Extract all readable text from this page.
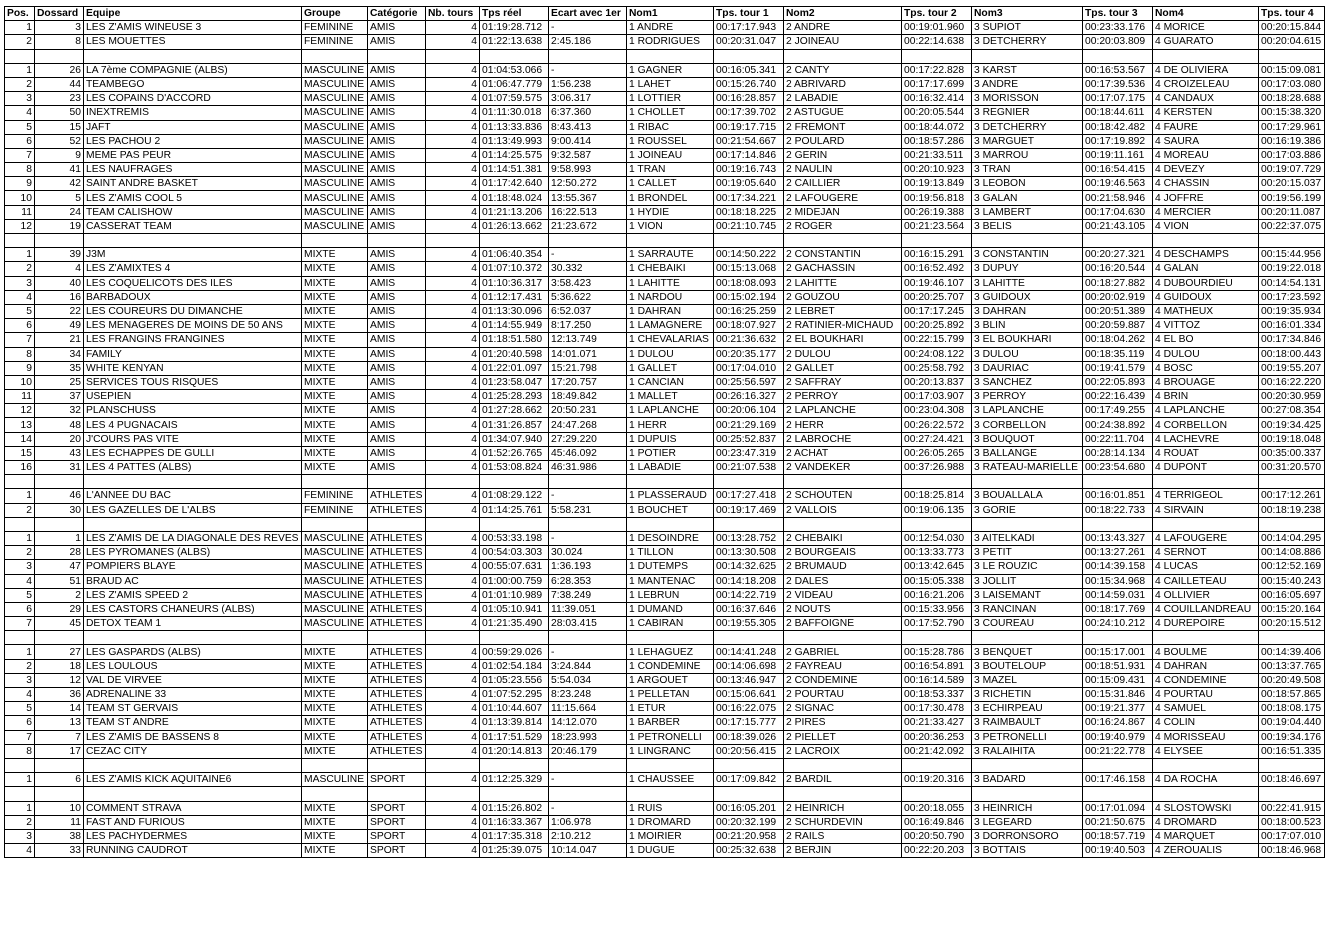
Pos.	Dossard	Equipe	Groupe	Catégorie	Nb. tours	Tps réel	Ecart avec 1er	Nom1	Tps. tour 1	Nom2	Tps. tour 2	Nom3	Tps. tour 3	Nom4	Tps. tour 4
1	3	LES Z'AMIS WINEUSE 3	FEMININE	AMIS	4	01:19:28.712	-	1 ANDRE	00:17:17.943	2 ANDRE	00:19:01.960	3 SUPIOT	00:23:33.176	4 MORICE	00:20:15.844
2	8	LES MOUETTES	FEMININE	AMIS	4	01:22:13.638	2:45.186	1 RODRIGUES	00:20:31.047	2 JOINEAU	00:22:14.638	3 DETCHERRY	00:20:03.809	4 GUARATO	00:20:04.615

1	26	LA 7ème COMPAGNIE (ALBS)	MASCULINE	AMIS	4	01:04:53.066	-	1 GAGNER	00:16:05.341	2 CANTY	00:17:22.828	3 KARST	00:16:53.567	4 DE OLIVIERA	00:15:09.081
2	44	TEAMBEGO	MASCULINE	AMIS	4	01:06:47.779	1:56.238	1 LAHET	00:15:26.740	2 ABRIVARD	00:17:17.699	3 ANDRE	00:17:39.536	4 CROIZELEAU	00:17:03.080
3	23	LES COPAINS D'ACCORD	MASCULINE	AMIS	4	01:07:59.575	3:06.317	1 LOTTIER	00:16:28.857	2 LABADIE	00:16:32.414	3 MORISSON	00:17:07.175	4 CANDAUX	00:18:28.688
4	50	INEXTREMIS	MASCULINE	AMIS	4	01:11:30.018	6:37.360	1 CHOLLET	00:17:39.702	2 ASTUGUE	00:20:05.544	3 REGNIER	00:18:44.611	4 KERSTEN	00:15:38.320
5	15	JAFT	MASCULINE	AMIS	4	01:13:33.836	8:43.413	1 RIBAC	00:19:17.715	2 FREMONT	00:18:44.072	3 DETCHERRY	00:18:42.482	4 FAURE	00:17:29.961
6	52	LES PACHOU 2	MASCULINE	AMIS	4	01:13:49.993	9:00.414	1 ROUSSEL	00:21:54.667	2 POULARD	00:18:57.286	3 MARGUET	00:17:19.892	4 SAURA	00:16:19.386
7	9	MEME PAS PEUR	MASCULINE	AMIS	4	01:14:25.575	9:32.587	1 JOINEAU	00:17:14.846	2 GERIN	00:21:33.511	3 MARROU	00:19:11.161	4 MOREAU	00:17:03.886
8	41	LES NAUFRAGES	MASCULINE	AMIS	4	01:14:51.381	9:58.993	1 TRAN	00:19:16.743	2 NAULIN	00:20:10.923	3 TRAN	00:16:54.415	4 DEVEZY	00:19:07.729
9	42	SAINT ANDRE BASKET	MASCULINE	AMIS	4	01:17:42.640	12:50.272	1 CALLET	00:19:05.640	2 CAILLIER	00:19:13.849	3 LEOBON	00:19:46.563	4 CHASSIN	00:20:15.037
10	5	LES Z'AMIS COOL 5	MASCULINE	AMIS	4	01:18:48.024	13:55.367	1 BRONDEL	00:17:34.221	2 LAFOUGERE	00:19:56.818	3 GALAN	00:21:58.946	4 JOFFRE	00:19:56.199
11	24	TEAM CALISHOW	MASCULINE	AMIS	4	01:21:13.206	16:22.513	1 HYDIE	00:18:18.225	2 MIDEJAN	00:26:19.388	3 LAMBERT	00:17:04.630	4 MERCIER	00:20:11.087
12	19	CASSERAT TEAM	MASCULINE	AMIS	4	01:26:13.662	21:23.672	1 VION	00:21:10.745	2 ROGER	00:21:23.564	3 BELIS	00:21:43.105	4 VION	00:22:37.075

1	39	J3M	MIXTE	AMIS	4	01:06:40.354	-	1 SARRAUTE	00:14:50.222	2 CONSTANTIN	00:16:15.291	3 CONSTANTIN	00:20:27.321	4 DESCHAMPS	00:15:44.956
2	4	LES Z'AMIXTES 4	MIXTE	AMIS	4	01:07:10.372	30.332	1 CHEBAIKI	00:15:13.068	2 GACHASSIN	00:16:52.492	3 DUPUY	00:16:20.544	4 GALAN	00:19:22.018
3	40	LES COQUELICOTS DES ILES	MIXTE	AMIS	4	01:10:36.317	3:58.423	1 LAHITTE	00:18:08.093	2 LAHITTE	00:19:46.107	3 LAHITTE	00:18:27.882	4 DUBOURDIEU	00:14:54.131
4	16	BARBADOUX	MIXTE	AMIS	4	01:12:17.431	5:36.622	1 NARDOU	00:15:02.194	2 GOUZOU	00:20:25.707	3 GUIDOUX	00:20:02.919	4 GUIDOUX	00:17:23.592
5	22	LES COUREURS DU DIMANCHE	MIXTE	AMIS	4	01:13:30.096	6:52.037	1 DAHRAN	00:16:25.259	2 LEBRET	00:17:17.245	3 DAHRAN	00:20:51.389	4 MATHEUX	00:19:35.934
6	49	LES MENAGERES DE MOINS DE 50 ANS	MIXTE	AMIS	4	01:14:55.949	8:17.250	1 LAMAGNERE	00:18:07.927	2 RATINIER-MICHAUD	00:20:25.892	3 BLIN	00:20:59.887	4 VITTOZ	00:16:01.334
7	21	LES FRANGINS FRANGINES	MIXTE	AMIS	4	01:18:51.580	12:13.749	1 CHEVALARIAS	00:21:36.632	2 EL BOUKHARI	00:22:15.799	3 EL BOUKHARI	00:18:04.262	4 EL BO	00:17:34.846
8	34	FAMILY	MIXTE	AMIS	4	01:20:40.598	14:01.071	1 DULOU	00:20:35.177	2 DULOU	00:24:08.122	3 DULOU	00:18:35.119	4 DULOU	00:18:00.443
9	35	WHITE KENYAN	MIXTE	AMIS	4	01:22:01.097	15:21.798	1 GALLET	00:17:04.010	2 GALLET	00:25:58.792	3 DAURIAC	00:19:41.579	4 BOSC	00:19:55.207
10	25	SERVICES TOUS RISQUES	MIXTE	AMIS	4	01:23:58.047	17:20.757	1 CANCIAN	00:25:56.597	2 SAFFRAY	00:20:13.837	3 SANCHEZ	00:22:05.893	4 BROUAGE	00:16:22.220
11	37	USEPIEN	MIXTE	AMIS	4	01:25:28.293	18:49.842	1 MALLET	00:26:16.327	2 PERROY	00:17:03.907	3 PERROY	00:22:16.439	4 BRIN	00:20:30.959
12	32	PLANSCHUSS	MIXTE	AMIS	4	01:27:28.662	20:50.231	1 LAPLANCHE	00:20:06.104	2 LAPLANCHE	00:23:04.308	3 LAPLANCHE	00:17:49.255	4 LAPLANCHE	00:27:08.354
13	48	LES 4 PUGNACAIS	MIXTE	AMIS	4	01:31:26.857	24:47.268	1 HERR	00:21:29.169	2 HERR	00:26:22.572	3 CORBELLON	00:24:38.892	4 CORBELLON	00:19:34.425
14	20	J'COURS PAS VITE	MIXTE	AMIS	4	01:34:07.940	27:29.220	1 DUPUIS	00:25:52.837	2 LABROCHE	00:27:24.421	3 BOUQUOT	00:22:11.704	4 LACHEVRE	00:19:18.048
15	43	LES ECHAPPES DE GULLI	MIXTE	AMIS	4	01:52:26.765	45:46.092	1 POTIER	00:23:47.319	2 ACHAT	00:26:05.265	3 BALLANGE	00:28:14.134	4 ROUAT	00:35:00.337
16	31	LES 4 PATTES (ALBS)	MIXTE	AMIS	4	01:53:08.824	46:31.986	1 LABADIE	00:21:07.538	2 VANDEKER	00:37:26.988	3 RATEAU-MARIELLE	00:23:54.680	4 DUPONT	00:31:20.570

1	46	L'ANNEE DU BAC	FEMININE	ATHLETES	4	01:08:29.122	-	1 PLASSERAUD	00:17:27.418	2 SCHOUTEN	00:18:25.814	3 BOUALLALA	00:16:01.851	4 TERRIGEOL	00:17:12.261
2	30	LES GAZELLES DE L'ALBS	FEMININE	ATHLETES	4	01:14:25.761	5:58.231	1 BOUCHET	00:19:17.469	2 VALLOIS	00:19:06.135	3 GORIE	00:18:22.733	4 SIRVAIN	00:18:19.238

1	1	LES Z'AMIS DE LA DIAGONALE DES REVES	MASCULINE	ATHLETES	4	00:53:33.198	-	1 DESOINDRE	00:13:28.752	2 CHEBAIKI	00:12:54.030	3 AITELKADI	00:13:43.327	4 LAFOUGERE	00:14:04.295
2	28	LES PYROMANES (ALBS)	MASCULINE	ATHLETES	4	00:54:03.303	30.024	1 TILLON	00:13:30.508	2 BOURGEAIS	00:13:33.773	3 PETIT	00:13:27.261	4 SERNOT	00:14:08.886
3	47	POMPIERS BLAYE	MASCULINE	ATHLETES	4	00:55:07.631	1:36.193	1 DUTEMPS	00:14:32.625	2 BRUMAUD	00:13:42.645	3 LE ROUZIC	00:14:39.158	4 LUCAS	00:12:52.169
4	51	BRAUD AC	MASCULINE	ATHLETES	4	01:00:00.759	6:28.353	1 MANTENAC	00:14:18.208	2 DALES	00:15:05.338	3 JOLLIT	00:15:34.968	4 CAILLETEAU	00:15:40.243
5	2	LES Z'AMIS SPEED 2	MASCULINE	ATHLETES	4	01:01:10.989	7:38.249	1 LEBRUN	00:14:22.719	2 VIDEAU	00:16:21.206	3 LAISEMANT	00:14:59.031	4 OLLIVIER	00:16:05.697
6	29	LES CASTORS CHANEURS (ALBS)	MASCULINE	ATHLETES	4	01:05:10.941	11:39.051	1 DUMAND	00:16:37.646	2 NOUTS	00:15:33.956	3 RANCINAN	00:18:17.769	4 COUILLANDREAU	00:15:20.164
7	45	DETOX TEAM 1	MASCULINE	ATHLETES	4	01:21:35.490	28:03.415	1 CABIRAN	00:19:55.305	2 BAFFOIGNE	00:17:52.790	3 COUREAU	00:24:10.212	4 DUREPOIRE	00:20:15.512

1	27	LES GASPARDS (ALBS)	MIXTE	ATHLETES	4	00:59:29.026	-	1 LEHAGUEZ	00:14:41.248	2 GABRIEL	00:15:28.786	3 BENQUET	00:15:17.001	4 BOULME	00:14:39.406
2	18	LES LOULOUS	MIXTE	ATHLETES	4	01:02:54.184	3:24.844	1 CONDEMINE	00:14:06.698	2 FAYREAU	00:16:54.891	3 BOUTELOUP	00:18:51.931	4 DAHRAN	00:13:37.765
3	12	VAL DE VIRVEE	MIXTE	ATHLETES	4	01:05:23.556	5:54.034	1 ARGOUET	00:13:46.947	2 CONDEMINE	00:16:14.589	3 MAZEL	00:15:09.431	4 CONDEMINE	00:20:49.508
4	36	ADRENALINE 33	MIXTE	ATHLETES	4	01:07:52.295	8:23.248	1 PELLETAN	00:15:06.641	2 POURTAU	00:18:53.337	3 RICHETIN	00:15:31.846	4 POURTAU	00:18:57.865
5	14	TEAM ST GERVAIS	MIXTE	ATHLETES	4	01:10:44.607	11:15.664	1 ETUR	00:16:22.075	2 SIGNAC	00:17:30.478	3 ECHIRPEAU	00:19:21.377	4 SAMUEL	00:18:08.175
6	13	TEAM ST ANDRE	MIXTE	ATHLETES	4	01:13:39.814	14:12.070	1 BARBER	00:17:15.777	2 PIRES	00:21:33.427	3 RAIMBAULT	00:16:24.867	4 COLIN	00:19:04.440
7	7	LES Z'AMIS DE BASSENS 8	MIXTE	ATHLETES	4	01:17:51.529	18:23.993	1 PETRONELLI	00:18:39.026	2 PIELLET	00:20:36.253	3 PETRONELLI	00:19:40.979	4 MORISSEAU	00:19:34.176
8	17	CEZAC CITY	MIXTE	ATHLETES	4	01:20:14.813	20:46.179	1 LINGRANC	00:20:56.415	2 LACROIX	00:21:42.092	3 RALAIHITA	00:21:22.778	4 ELYSEE	00:16:51.335

1	6	LES Z'AMIS KICK AQUITAINE6	MASCULINE	SPORT	4	01:12:25.329	-	1 CHAUSSEE	00:17:09.842	2 BARDIL	00:19:20.316	3 BADARD	00:17:46.158	4 DA ROCHA	00:18:46.697

1	10	COMMENT STRAVA	MIXTE	SPORT	4	01:15:26.802	-	1 RUIS	00:16:05.201	2 HEINRICH	00:20:18.055	3 HEINRICH	00:17:01.094	4 SLOSTOWSKI	00:22:41.915
2	11	FAST AND FURIOUS	MIXTE	SPORT	4	01:16:33.367	1:06.978	1 DROMARD	00:20:32.199	2 SCHURDEVIN	00:16:49.846	3 LEGEARD	00:21:50.675	4 DROMARD	00:18:00.523
3	38	LES PACHYDERMES	MIXTE	SPORT	4	01:17:35.318	2:10.212	1 MOIRIER	00:21:20.958	2 RAILS	00:20:50.790	3 DORRONSORO	00:18:57.719	4 MARQUET	00:17:07.010
4	33	RUNNING CAUDROT	MIXTE	SPORT	4	01:25:39.075	10:14.047	1 DUGUE	00:25:32.638	2 BERJIN	00:22:20.203	3 BOTTAIS	00:19:40.503	4 ZEROUALIS	00:18:46.968
